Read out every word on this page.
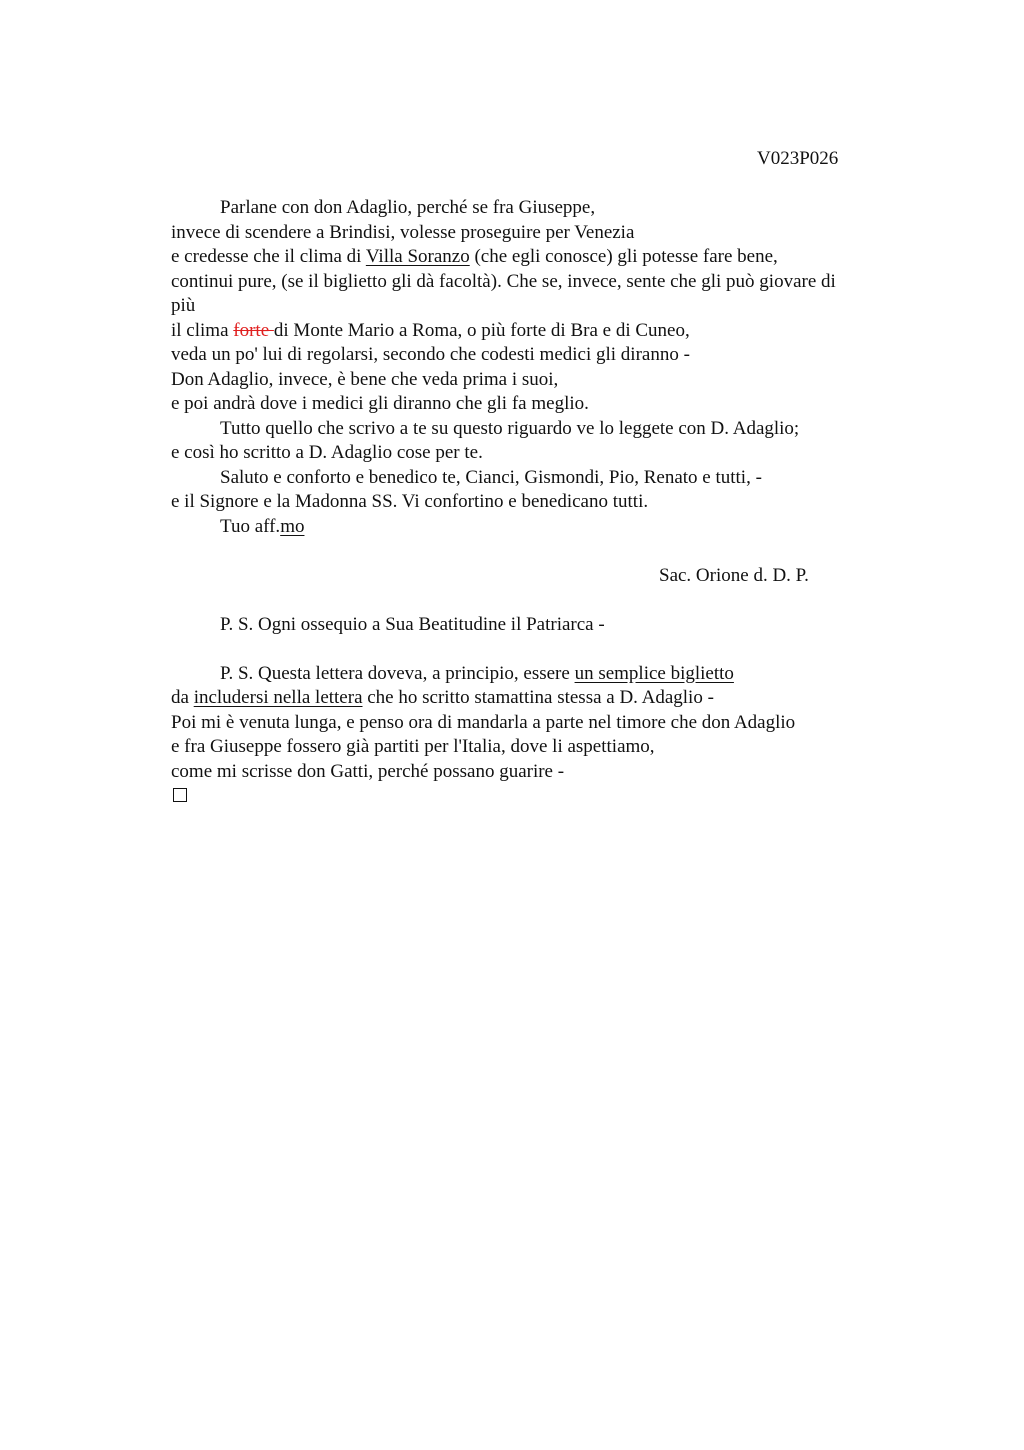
V023P026
Parlane con don Adaglio, perché se fra Giuseppe,
invece di scendere a Brindisi, volesse proseguire per Venezia
e credesse che il clima di Villa Soranzo (che egli conosce) gli potesse fare bene,
continui pure, (se il biglietto gli dà facoltà). Che se, invece, sente che gli può giovare di
più
il clima forte di Monte Mario a Roma, o più forte di Bra e di Cuneo,
veda un po' lui di regolarsi, secondo che codesti medici gli diranno -
Don Adaglio, invece, è bene che veda prima i suoi,
e poi andrà dove i medici gli diranno che gli fa meglio.
Tutto quello che scrivo a te su questo riguardo ve lo leggete con D. Adaglio;
e così ho scritto a D. Adaglio cose per te.
Saluto e conforto e benedico te, Cianci, Gismondi, Pio, Renato e tutti, -
e il Signore e la Madonna SS. Vi confortino e benedicano tutti.
Tuo aff.mo
Sac. Orione d. D. P.
P. S. Ogni ossequio a Sua Beatitudine il Patriarca -
P. S. Questa lettera doveva, a principio, essere un semplice biglietto
da includersi nella lettera che ho scritto stamattina stessa a D. Adaglio -
Poi mi è venuta lunga, e penso ora di mandarla a parte nel timore che don Adaglio
e fra Giuseppe fossero già partiti per l'Italia, dove li aspettiamo,
come mi scrisse don Gatti, perché possano guarire -
